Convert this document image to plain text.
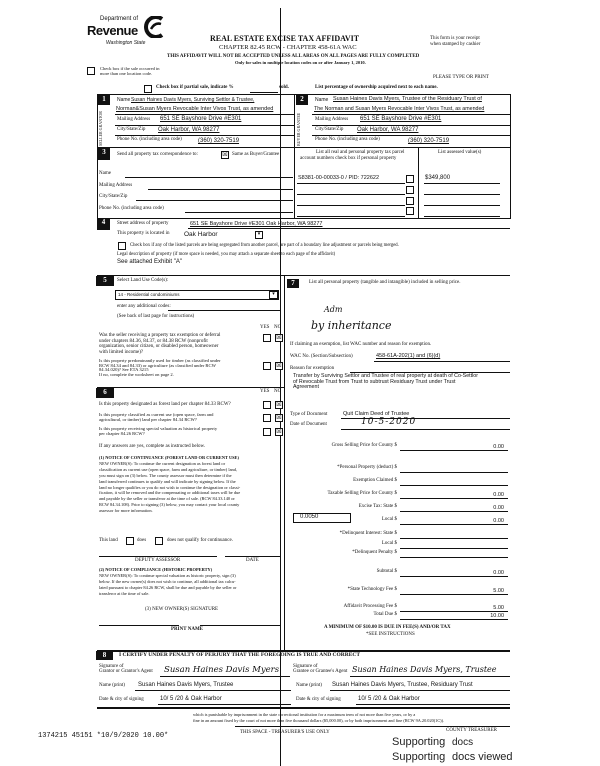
Department of
Revenue
Washington State	REAL ESTATE EXCISE TAX AFFIDAVIT
CHAPTER 82.45 RCW - CHAPTER 458-61A WAC
This form is your receipt
when stamped by cashier
THIS AFFIDAVIT WILL NOT BE ACCEPTED UNLESS ALL AREAS ON ALL PAGES ARE FULLY COMPLETED
Only for sales in multiple location codes on or after January 1, 2010.
Check box if the sale occurred in
more than one location code.
PLEASE TYPE OR PRINT
Check box if partial sale, indicate %	sold.	List percentage of ownership acquired next to each name.
1
SELLER GRANTOR
Name Susan Haines Davis Myers, Surviving Settlor & Trustee,
Norman&Susan Myers Revocable Inter Vivos Trust, as amended
Mailing Address 651 SE Bayshore Drive #E301
City/State/Zip Oak Harbor, WA 98277
Phone No. (including area code)	(360) 320-7519
2
BUYER GRANTEE
Name Susan Haines Davis Myers, Trustee of the Residuary Trust of
The Norman and Susan Myers Revocable Inter Vivos Trust, as amended
Mailing Address 651 SE Bayshore Drive #E301
City/State/Zip Oak Harbor, WA 98277
Phone No. (including area code)	(360) 320-7519
3	Send all property tax correspondence to:	☒ Same as Buyer/Grantee
Name
Mailing Address
City/State/Zip
Phone No. (including area code)
List all real and personal property tax parcel
account numbers check box if personal property
List assessed value(s)
S8381-00-00033-0 / PID: 722622	$349,800
4	Street address of property	651 SE Bayshore Drive #E301 Oak Harbor, WA 98277
This property is located in Oak Harbor	▾
Check box if any of the listed parcels are being segregated from another parcel, are part of a boundary line adjustment or parcels being merged.
Legal description of property (if more space is needed, you may attach a separate sheet to each page of the affidavit)
See attached Exhibit "A"
5	Select Land Use Code(s):
14 - Residential condominiums	▾
enter any additional codes:
(See back of last page for instructions)
YES NO
Was the seller receiving a property tax exemption or deferral
under chapters 84.36, 84.37, or 84.38 RCW (nonprofit
organization, senior citizen, or disabled person, homeowner
with limited income)?
☒
Is this property predominantly used for timber (as classified under
RCW 84.34 and 84.33) or agriculture (as classified under RCW
84.34.020)? See ETA 3215
If no, complete the worksheet on page 2.
☒
6	YES NO
Is this property designated as forest land per chapter 84.33 RCW?	☒
Is this property classified as current use (open space, farm and
agricultural, or timber) land per chapter 84.34 RCW?	☒
Is this property receiving special valuation as historical property
per chapter 84.26 RCW?	☒
If any answers are yes, complete as instructed below.
(1) NOTICE OF CONTINUANCE (FOREST LAND OR CURRENT USE)
NEW OWNER(S): To continue the current designation as forest land or
classification as current use (open space, farm and agriculture, or timber) land,
you must sign on (3) below. The county assessor must then determine if the
land transferred continues to qualify and will indicate by signing below. If the
land no longer qualifies or you do not wish to continue the designation or classi-
fication, it will be removed and the compensating or additional taxes will be due
and payable by the seller or transferor at the time of sale. (RCW 84.33.140 or
RCW 84.34.108). Prior to signing (3) below, you may contact your local county
assessor for more information.
This land	does	does not qualify for continuance.
DEPUTY ASSESSOR	DATE
(2) NOTICE OF COMPLIANCE (HISTORIC PROPERTY)
NEW OWNER(S): To continue special valuation as historic property, sign (3)
below. If the new owner(s) does not wish to continue, all additional tax calcu-
lated pursuant to chapter 84.26 RCW, shall be due and payable by the seller or
transferor at the time of sale.
(3) NEW OWNER(S) SIGNATURE
PRINT NAME
7	List all personal property (tangible and intangible) included in selling price.
Adm
by inheritance
If claiming an exemption, list WAC number and reason for exemption.
WAC No. (Section/Subsection)	458-61A-202(1) and (6)(d)
Reason for exemption
Transfer by Surviving Settlor and Trustee of real property at death of Co-Settlor
of Revocable Trust from Trust to subtrust Residuary Trust under Trust
Agreement
Type of Document	Quit Claim Deed of Trustee
Date of Document	10-5-2020
Gross Selling Price for County $	0.00
*Personal Property (deduct) $
Exemption Claimed $
Taxable Selling Price for County $	0.00
Excise Tax: State $	0.00
Local $	0.00
*Delinquent Interest: State $
Local $
*Delinquent Penalty $
Subtotal $	0.00
*State Technology Fee $	5.00
Affidavit Processing Fee $	5.00
Total Due $	10.00
0.0050
A MINIMUM OF $10.00 IS DUE IN FEE(S) AND/OR TAX
*SEE INSTRUCTIONS
8	I CERTIFY UNDER PENALTY OF PERJURY THAT THE FOREGOING IS TRUE AND CORRECT
Signature of
Grantor or Grantor's Agent Susan Haines Davis Myers	Signature of
Grantee or Grantee's Agent Susan Haines Davis Myers, Trustee
Name (print) Susan Haines Davis Myers, Trustee	Name (print) Susan Haines Davis Myers, Trustee, Residuary Trust
Date & city of signing	10/ 5 /20 & Oak Harbor	Date & city of signing	10/ 5 /20 & Oak Harbor
which is punishable by imprisonment in the state correctional institution for a maximum term of not more than five years, or by a
fine in an amount fixed by the court of not more than five thousand dollars ($5,000.00), or by both imprisonment and fine (RCW 9A.20.020(1C)).
1374215 45151 *10/9/2020 10.00*	THIS SPACE - TREASURER'S USE ONLY	COUNTY TREASURER
Supporting docs
Supporting docs viewed
